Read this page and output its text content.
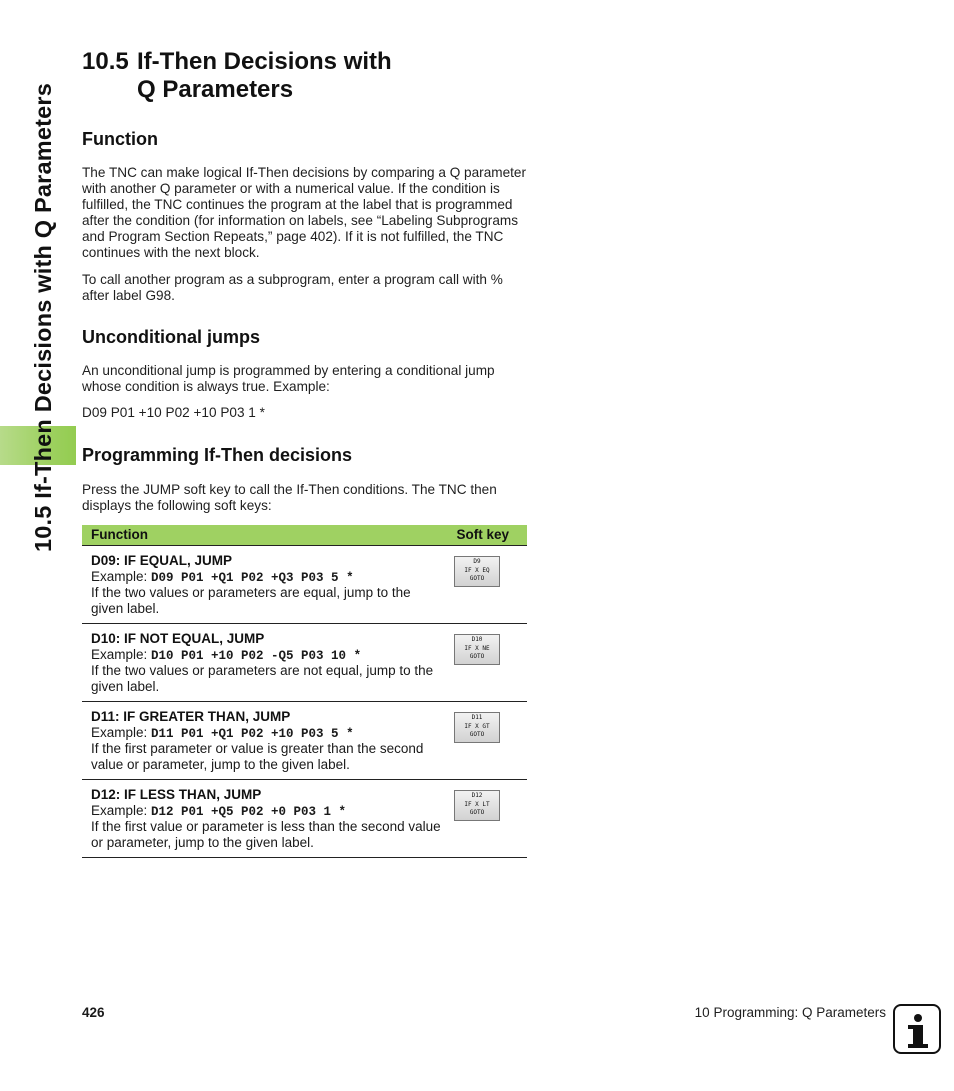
10.5 If-Then Decisions with Q Parameters
10.5 If-Then Decisions with
Q Parameters
Function

The TNC can make logical If-Then decisions by comparing a Q parameter with another Q parameter or with a numerical value. If the condition is fulfilled, the TNC continues the program at the label that is programmed after the condition (for information on labels, see “Labeling Subprograms and Program Section Repeats,” page 402). If it is not fulfilled, the TNC continues with the next block.

To call another program as a subprogram, enter a program call with % after label G98.

Unconditional jumps

An unconditional jump is programmed by entering a conditional jump whose condition is always true. Example:

D09 P01 +10 P02 +10 P03 1 *

Programming If-Then decisions

Press the JUMP soft key to call the If-Then conditions. The TNC then displays the following soft keys:

Function	Soft key
D09: IF EQUAL, JUMP
Example: D09 P01 +Q1 P02 +Q3 P03 5 *
If the two values or parameters are equal, jump to the given label.
D9
IF X EQ
GOTO
D10: IF NOT EQUAL, JUMP
Example: D10 P01 +10 P02 -Q5 P03 10 *
If the two values or parameters are not equal, jump to the given label.
D10
IF X NE
GOTO
D11: IF GREATER THAN, JUMP
Example: D11 P01 +Q1 P02 +10 P03 5 *
If the first parameter or value is greater than the second value or parameter, jump to the given label.
D11
IF X GT
GOTO
D12: IF LESS THAN, JUMP
Example: D12 P01 +Q5 P02 +0 P03 1 *
If the first value or parameter is less than the second value or parameter, jump to the given label.
D12
IF X LT
GOTO
426	10 Programming: Q Parameters
